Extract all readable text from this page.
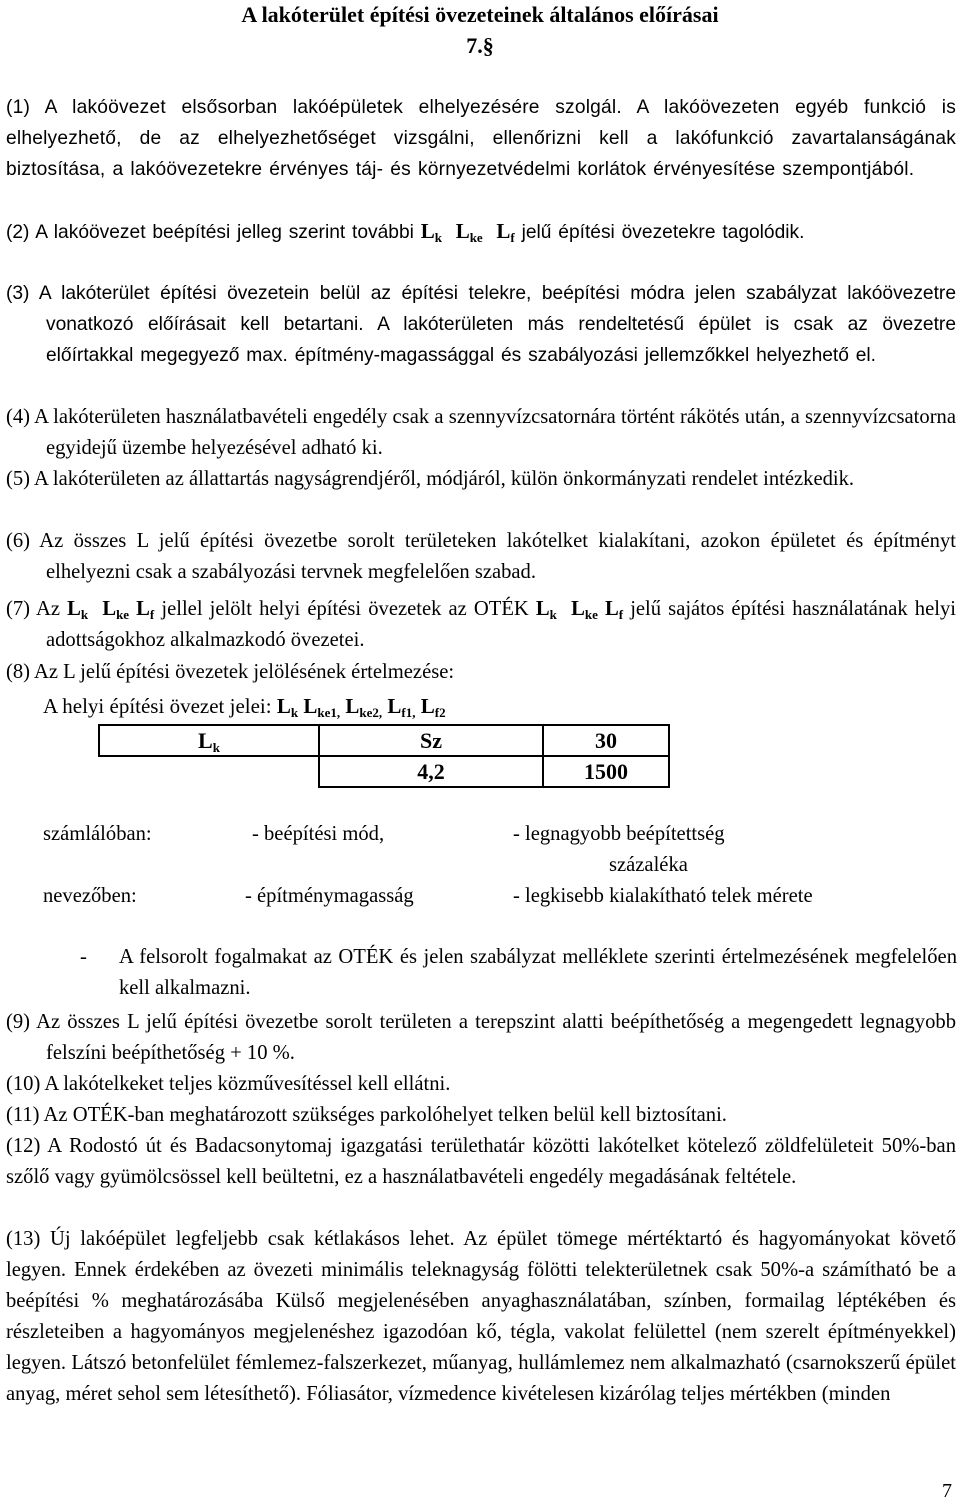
A lakóterület építési övezeteinek általános előírásai
7.§

(1) A lakóövezet elsősorban lakóépületek elhelyezésére szolgál. A lakóövezeten egyéb funkció is elhelyezhető, de az elhelyezhetőséget vizsgálni, ellenőrizni kell a lakófunkció zavartalanságának biztosítása, a lakóövezetekre érvényes táj- és környezetvédelmi korlátok érvényesítése szempontjából.

(2) A lakóövezet beépítési jelleg szerint további $L_k$ $L_{ke}$ $L_f$ jelű építési övezetekre tagolódik.

(3) A lakóterület építési övezetein belül az építési telekre, beépítési módra jelen szabályzat lakóövezetre vonatkozó előírásait kell betartani. A lakóterületen más rendeltetésű épület is csak az övezetre előírtakkal megegyező max. építmény-magassággal és szabályozási jellemzőkkel helyezhető el.

(4) A lakóterületen használatbavételi engedély csak a szennyvízcsatornára történt rákötés után, a szennyvízcsatorna egyidejű üzembe helyezésével adható ki.

(5) A lakóterületen az állattartás nagyságrendjéről, módjáról, külön önkormányzati rendelet intézkedik.

(6) Az összes L jelű építési övezetbe sorolt területeken lakótelket kialakítani, azokon épületet és építményt elhelyezni csak a szabályozási tervnek megfelelően szabad.

(7) Az $L_k$ $L_{ke}$ $L_f$ jellel jelölt helyi építési övezetek az OTÉK $L_k$ $L_{ke}$ $L_f$ jelű sajátos építési használatának helyi adottságokhoz alkalmazkodó övezetei.

(8) Az L jelű építési övezetek jelölésének értelmezése:
A helyi építési övezet jelei: $L_k$ $L_{ke1,}$ $L_{ke2,}$ $L_{f1,}$ $L_{f2}$
$L_k$	Sz	30
	4,2	1500
számlálóban:	- beépítési mód,	- legnagyobb beépítettség
százaléka
nevezőben:	- építménymagasság	- legkisebb kialakítható telek mérete
- A felsorolt fogalmakat az OTÉK és jelen szabályzat melléklete szerinti értelmezésének megfelelően kell alkalmazni.

(9) Az összes L jelű építési övezetbe sorolt területen a terepszint alatti beépíthetőség a megengedett legnagyobb felszíni beépíthetőség + 10 %.

(10) A lakótelkeket teljes közművesítéssel kell ellátni.

(11) Az OTÉK-ban meghatározott szükséges parkolóhelyet telken belül kell biztosítani.

(12) A Rodostó út és Badacsonytomaj igazgatási területhatár közötti lakótelket kötelező zöldfelületeit 50%-ban szőlő vagy gyümölcsössel kell beültetni, ez a használatbavételi engedély megadásának feltétele.

(13) Új lakóépület legfeljebb csak kétlakásos lehet. Az épület tömege mértéktartó és hagyományokat követő legyen. Ennek érdekében az övezeti minimális teleknagyság fölötti telekterületnek csak 50%-a számítható be a beépítési % meghatározásába Külső megjelenésében anyaghasználatában, színben, formailag léptékében és részleteiben a hagyományos megjelenéshez igazodóan kő, tégla, vakolat felülettel (nem szerelt építményekkel) legyen. Látszó betonfelület fémlemez-falszerkezet, műanyag, hullámlemez nem alkalmazható (csarnokszerű épület anyag, méret sehol sem létesíthető). Fóliasátor, vízmedence kivételesen kizárólag teljes mértékben (minden

7
